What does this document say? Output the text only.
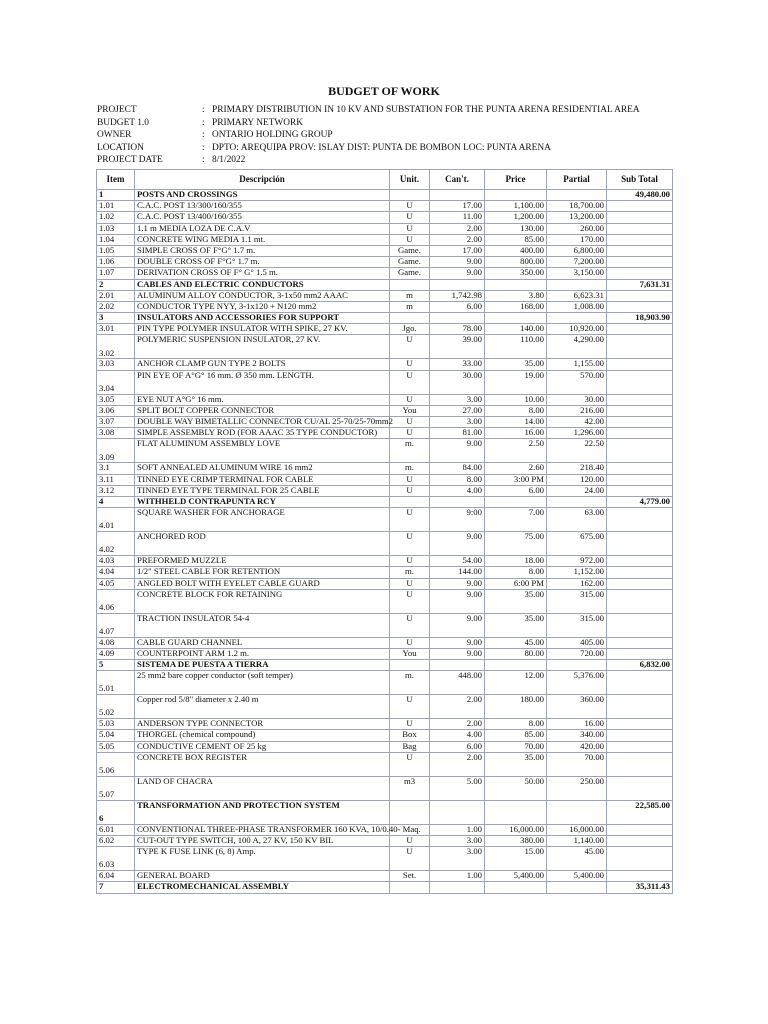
BUDGET OF WORK
PROJECT	: PRIMARY DISTRIBUTION IN 10 KV AND SUBSTATION FOR THE PUNTA ARENA RESIDENTIAL AREA
BUDGET 1.0	: PRIMARY NETWORK
OWNER	: ONTARIO HOLDING GROUP
LOCATION	: DPTO: AREQUIPA PROV: ISLAY DIST: PUNTA DE BOMBON LOC: PUNTA ARENA
PROJECT DATE	: 8/1/2022
Item	Descripción	Unit.	Can't.	Price	Partial	Sub Total
1	POSTS AND CROSSINGS					49,480.00
1.01	C.A.C. POST 13/300/160/355	U	17.00	1,100.00	18,700.00	
1.02	C.A.C. POST 13/400/160/355	U	11.00	1,200.00	13,200.00	
1.03	1.1 m MEDIA LOZA DE C.A.V	U	2.00	130.00	260.00	
1.04	CONCRETE WING MEDIA 1.1 mt.	U	2.00	85.00	170.00	
1.05	SIMPLE CROSS OF F°G° 1.7 m.	Game.	17.00	400.00	6,800.00	
1.06	DOUBLE CROSS OF F°G° 1.7 m.	Game.	9.00	800.00	7,200.00	
1.07	DERIVATION CROSS OF F° G° 1.5 m.	Game.	9.00	350.00	3,150.00	
2	CABLES AND ELECTRIC CONDUCTORS					7,631.31
2.01	ALUMINUM ALLOY CONDUCTOR, 3-1x50 mm2 AAAC	m	1,742.98	3.80	6,623.31	
2.02	CONDUCTOR TYPE NYY, 3-1x120 + N120 mm2	m	6.00	168.00	1,008.00	
3	INSULATORS AND ACCESSORIES FOR SUPPORT					18,903.90
3.01	PIN TYPE POLYMER INSULATOR WITH SPIKE, 27 KV.	Jgo.	78.00	140.00	10,920.00	
3.02	POLYMERIC SUSPENSION INSULATOR, 27 KV.	U	39.00	110.00	4,290.00	
3.03	ANCHOR CLAMP GUN TYPE 2 BOLTS	U	33.00	35.00	1,155.00	
3.04	PIN EYE OF A°G° 16 mm. Ø 350 mm. LENGTH.	U	30.00	19.00	570.00	
3.05	EYE NUT A°G° 16 mm.	U	3.00	10.00	30.00	
3.06	SPLIT BOLT COPPER CONNECTOR	You	27.00	8.00	216.00	
3.07	DOUBLE WAY BIMETALLIC CONNECTOR CU/AL 25-70/25-70mm2	U	3.00	14.00	42.00	
3.08	SIMPLE ASSEMBLY ROD (FOR AAAC 35 TYPE CONDUCTOR)	U	81.00	16.00	1,296.00	
3.09	FLAT ALUMINUM ASSEMBLY LOVE	m.	9.00	2.50	22.50	
3.1	SOFT ANNEALED ALUMINUM WIRE 16 mm2	m.	84.00	2.60	218.40	
3.11	TINNED EYE CRIMP TERMINAL FOR CABLE	U	8.00	3:00 PM	120.00	
3.12	TINNED EYE TYPE TERMINAL FOR 25 CABLE	U	4.00	6.00	24.00	
4	WITHHELD CONTRAPUNTA RCY					4,779.00
4.01	SQUARE WASHER FOR ANCHORAGE	U	9:00	7.00	63.00	
4.02	ANCHORED ROD	U	9.00	75.00	675.00	
4.03	PREFORMED MUZZLE	U	54.00	18.00	972.00	
4.04	1/2" STEEL CABLE FOR RETENTION	m.	144.00	8.00	1,152.00	
4.05	ANGLED BOLT WITH EYELET CABLE GUARD	U	9.00	6:00 PM	162.00	
4.06	CONCRETE BLOCK FOR RETAINING	U	9.00	35.00	315.00	
4.07	TRACTION INSULATOR 54-4	U	9.00	35.00	315.00	
4.08	CABLE GUARD CHANNEL	U	9.00	45.00	405.00	
4.09	COUNTERPOINT ARM 1.2 m.	You	9.00	80.00	720.00	
5	SISTEMA DE PUESTA A TIERRA					6,832.00
5.01	25 mm2 bare copper conductor (soft temper)	m.	448.00	12.00	5,376.00	
5.02	Copper rod 5/8" diameter x 2.40 m	U	2.00	180.00	360.00	
5.03	ANDERSON TYPE CONNECTOR	U	2.00	8.00	16.00	
5.04	THORGEL (chemical compound)	Box	4.00	85.00	340.00	
5.05	CONDUCTIVE CEMENT OF 25 kg	Bag	6.00	70.00	420.00	
5.06	CONCRETE BOX REGISTER	U	2.00	35.00	70.00	
5.07	LAND OF CHACRA	m3	5.00	50.00	250.00	
6	TRANSFORMATION AND PROTECTION SYSTEM					22,585.00
6.01	CONVENTIONAL THREE-PHASE TRANSFORMER 160 KVA, 10/0.40- Maq.		1.00	16,000.00	16,000.00	
6.02	CUT-OUT TYPE SWITCH, 100 A, 27 KV, 150 KV BIL	U	3.00	380.00	1,140.00	
6.03	TYPE K FUSE LINK (6, 8) Amp.	U	3.00	15.00	45.00	
6.04	GENERAL BOARD	Set.	1.00	5,400.00	5,400.00	
7	ELECTROMECHANICAL ASSEMBLY					35,311.43
